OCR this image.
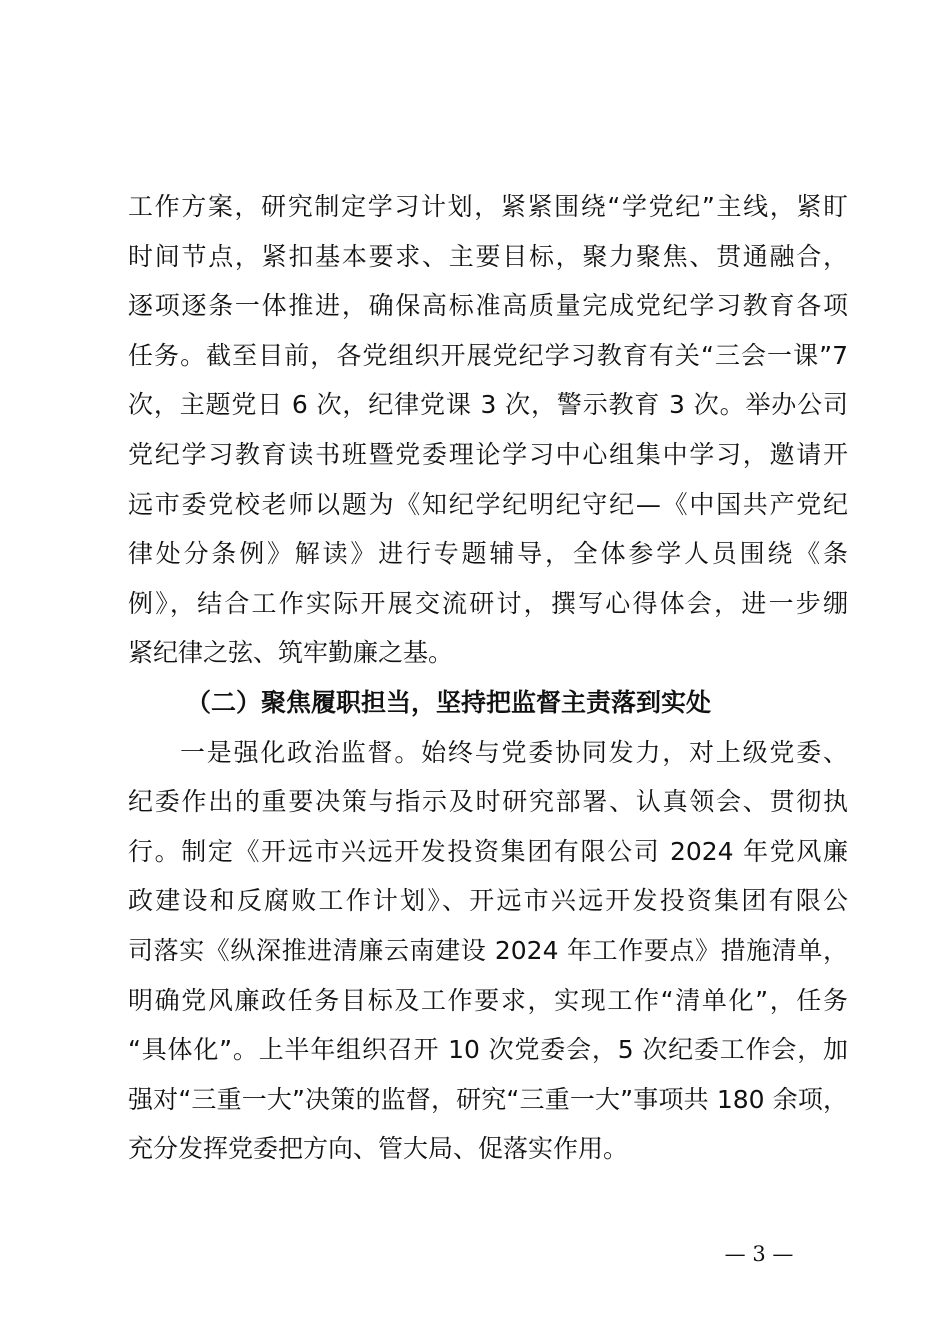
工作方案，研究制定学习计划，紧紧围绕“学党纪”主线，紧盯
时间节点，紧扣基本要求、主要目标，聚力聚焦、贯通融合，
逐项逐条一体推进，确保高标准高质量完成党纪学习教育各项
任务。截至目前，各党组织开展党纪学习教育有关“三会一课”7
次，主题党日 6 次，纪律党课 3 次，警示教育 3 次。举办公司
党纪学习教育读书班暨党委理论学习中心组集中学习，邀请开
远市委党校老师以题为《知纪学纪明纪守纪—《中国共产党纪
律处分条例》解读》进行专题辅导，全体参学人员围绕《条
例》，结合工作实际开展交流研讨，撰写心得体会，进一步绷
紧纪律之弦、筑牢勤廉之基。
（二）聚焦履职担当，坚持把监督主责落到实处
一是强化政治监督。始终与党委协同发力，对上级党委、
纪委作出的重要决策与指示及时研究部署、认真领会、贯彻执
行。制定《开远市兴远开发投资集团有限公司 2024 年党风廉
政建设和反腐败工作计划》、开远市兴远开发投资集团有限公
司落实《纵深推进清廉云南建设 2024 年工作要点》措施清单，
明确党风廉政任务目标及工作要求，实现工作“清单化”，任务
“具体化”。上半年组织召开 10 次党委会，5 次纪委工作会，加
强对“三重一大”决策的监督，研究“三重一大”事项共 180 余项，
充分发挥党委把方向、管大局、促落实作用。
— 3 —
